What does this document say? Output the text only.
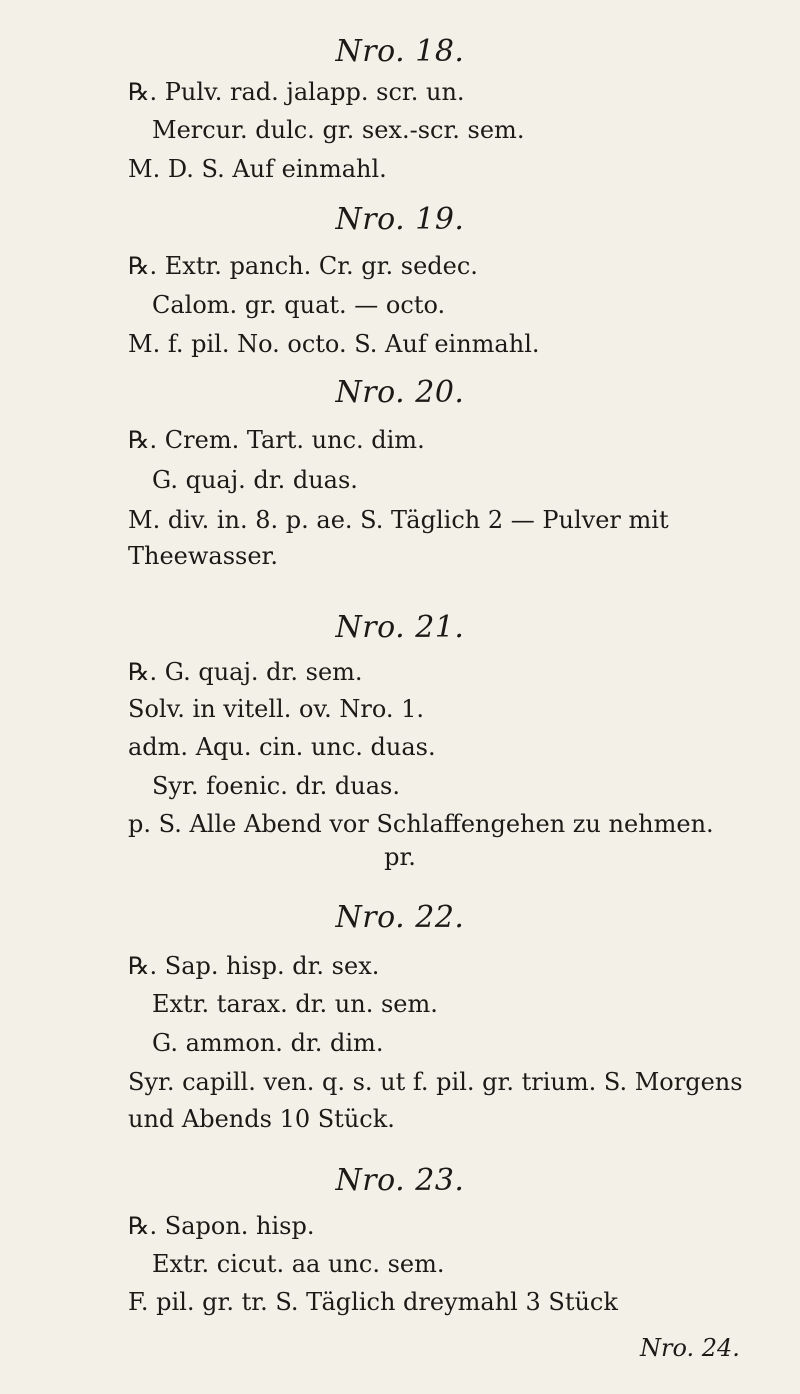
Nro. 18.
℞. Pulv. rad. jalapp. scr. un.
Mercur. dulc. gr. sex.-scr. sem.
M. D. S. Auf einmahl.
Nro. 19.
℞. Extr. panch. Cr. gr. sedec.
Calom. gr. quat. — octo.
M. f. pil. No. octo. S. Auf einmahl.
Nro. 20.
℞. Crem. Tart. unc. dim.
G. quaj. dr. duas.
M. div. in. 8. p. ae. S. Täglich 2 — Pulver mit
Theewasser.
Nro. 21.
℞. G. quaj. dr. sem.
Solv. in vitell. ov. Nro. 1.
adm. Aqu. cin. unc. duas.
Syr. foenic. dr. duas.
p. S. Alle Abend vor Schlaffengehen zu nehmen.
pr.
Nro. 22.
℞. Sap. hisp. dr. sex.
Extr. tarax. dr. un. sem.
G. ammon. dr. dim.
Syr. capill. ven. q. s. ut f. pil. gr. trium. S. Morgens
und Abends 10 Stück.
Nro. 23.
℞. Sapon. hisp.
Extr. cicut. aa unc. sem.
F. pil. gr. tr. S. Täglich dreymahl 3 Stück
Nro. 24.
